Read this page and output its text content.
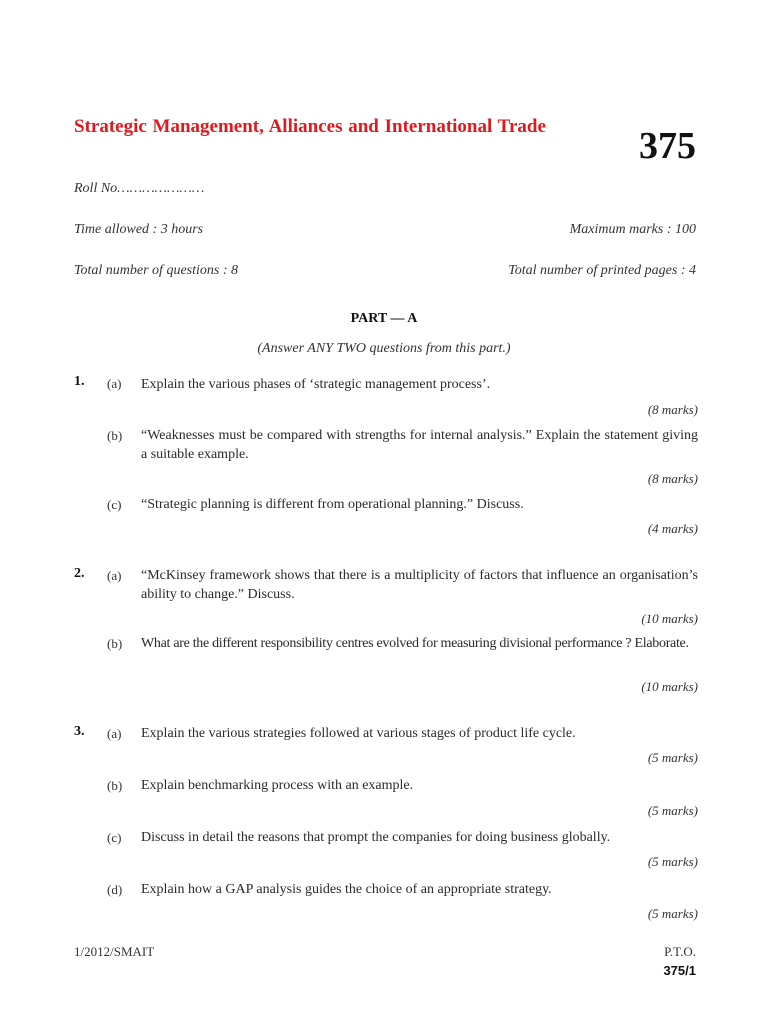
Strategic Management, Alliances and International Trade 375
Roll No…………………
Time allowed : 3 hours	Maximum marks : 100
Total number of questions : 8	Total number of printed pages : 4
PART — A
(Answer ANY TWO questions from this part.)
1. (a) Explain the various phases of ‘strategic management process’.
(8 marks)
(b) “Weaknesses must be compared with strengths for internal analysis.” Explain the statement giving a suitable example.
(8 marks)
(c) “Strategic planning is different from operational planning.” Discuss.
(4 marks)
2. (a) “McKinsey framework shows that there is a multiplicity of factors that influence an organisation’s ability to change.” Discuss.
(10 marks)
(b) What are the different responsibility centres evolved for measuring divisional performance ? Elaborate.
(10 marks)
3. (a) Explain the various strategies followed at various stages of product life cycle.
(5 marks)
(b) Explain benchmarking process with an example.
(5 marks)
(c) Discuss in detail the reasons that prompt the companies for doing business globally.
(5 marks)
(d) Explain how a GAP analysis guides the choice of an appropriate strategy.
(5 marks)
1/2012/SMAIT	P.T.O.
375/1
